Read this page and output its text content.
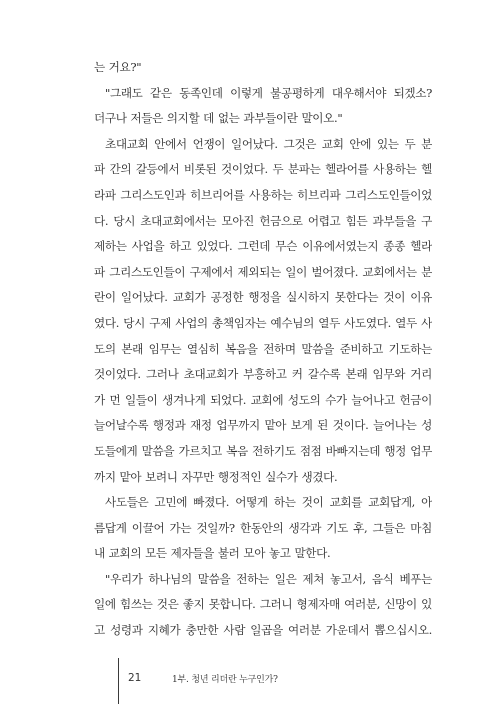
는 거요?"

"그래도 같은 동족인데 이렇게 불공평하게 대우해서야 되겠소?
더구나 저들은 의지할 데 없는 과부들이란 말이오."

초대교회 안에서 언쟁이 일어났다. 그것은 교회 안에 있는 두 분
파 간의 갈등에서 비롯된 것이었다. 두 분파는 헬라어를 사용하는 헬
라파 그리스도인과 히브리어를 사용하는 히브리파 그리스도인들이었
다. 당시 초대교회에서는 모아진 헌금으로 어렵고 힘든 과부들을 구
제하는 사업을 하고 있었다. 그런데 무슨 이유에서였는지 종종 헬라
파 그리스도인들이 구제에서 제외되는 일이 벌어졌다. 교회에서는 분
란이 일어났다. 교회가 공정한 행정을 실시하지 못한다는 것이 이유
였다. 당시 구제 사업의 총책임자는 예수님의 열두 사도였다. 열두 사
도의 본래 임무는 열심히 복음을 전하며 말씀을 준비하고 기도하는
것이었다. 그러나 초대교회가 부흥하고 커 갈수록 본래 임무와 거리
가 먼 일들이 생겨나게 되었다. 교회에 성도의 수가 늘어나고 헌금이
늘어날수록 행정과 재정 업무까지 맡아 보게 된 것이다. 늘어나는 성
도들에게 말씀을 가르치고 복음 전하기도 점점 바빠지는데 행정 업무
까지 맡아 보려니 자꾸만 행정적인 실수가 생겼다.

사도들은 고민에 빠졌다. 어떻게 하는 것이 교회를 교회답게, 아
름답게 이끌어 가는 것일까? 한동안의 생각과 기도 후, 그들은 마침
내 교회의 모든 제자들을 불러 모아 놓고 말한다.

"우리가 하나님의 말씀을 전하는 일은 제쳐 놓고서, 음식 베푸는
일에 힘쓰는 것은 좋지 못합니다. 그러니 형제자매 여러분, 신망이 있
고 성령과 지혜가 충만한 사람 일곱을 여러분 가운데서 뽑으십시오.

21	1부. 청년 리더란 누구인가?
